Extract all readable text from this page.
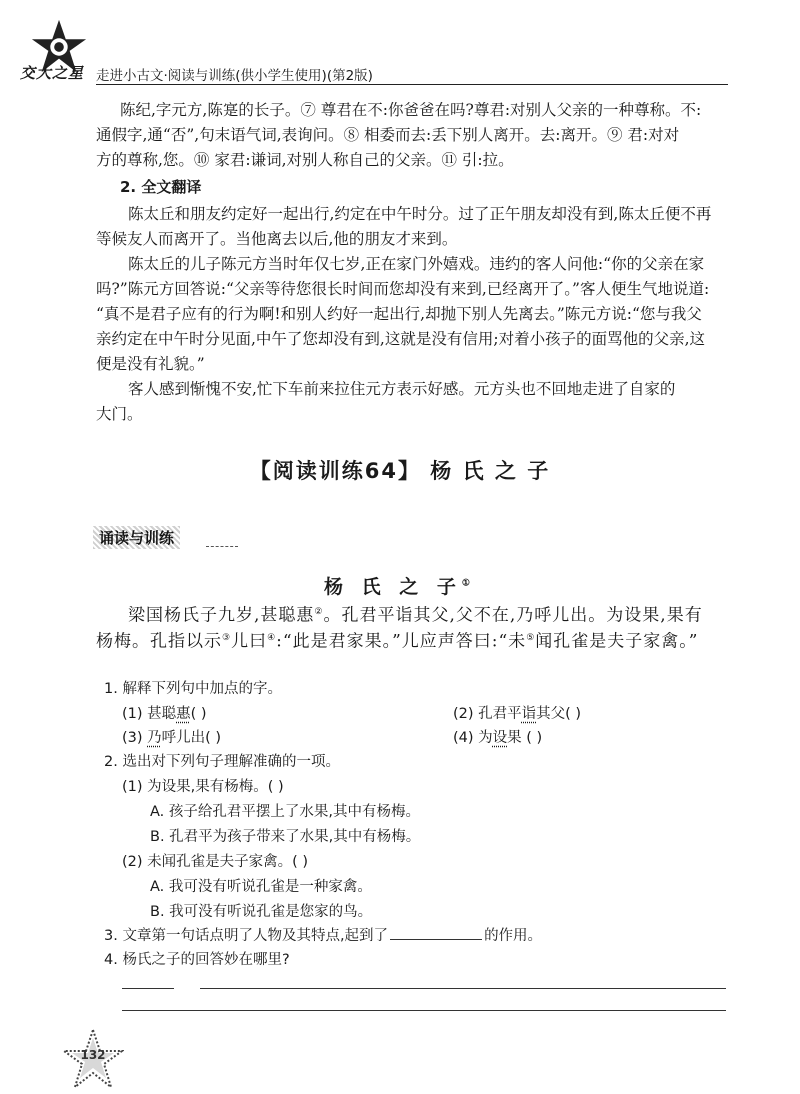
交大之星 走进小古文·阅读与训练(供小学生使用)(第2版)
陈纪,字元方,陈寔的长子。⑦ 尊君在不:你爸爸在吗?尊君:对别人父亲的一种尊称。不:
通假字,通“否”,句末语气词,表询问。⑧ 相委而去:丢下别人离开。去:离开。⑨ 君:对对
方的尊称,您。⑩ 家君:谦词,对别人称自己的父亲。⑪ 引:拉。
2. 全文翻译
陈太丘和朋友约定好一起出行,约定在中午时分。过了正午朋友却没有到,陈太丘便不再
等候友人而离开了。当他离去以后,他的朋友才来到。
陈太丘的儿子陈元方当时年仅七岁,正在家门外嬉戏。违约的客人问他:“你的父亲在家
吗?”陈元方回答说:“父亲等待您很长时间而您却没有来到,已经离开了。”客人便生气地说道:
“真不是君子应有的行为啊!和别人约好一起出行,却抛下别人先离去。”陈元方说:“您与我父
亲约定在中午时分见面,中午了您却没有到,这就是没有信用;对着小孩子的面骂他的父亲,这
便是没有礼貌。”
客人感到惭愧不安,忙下车前来拉住元方表示好感。元方头也不回地走进了自家的
大门。
【阅读训练64】 杨 氏 之 子
诵读与训练
杨 氏 之 子①
梁国杨氏子九岁,甚聪惠②。孔君平诣其父,父不在,乃呼儿出。为设果,果有
杨梅。孔指以示③儿曰④:“此是君家果。”儿应声答曰:“未⑤闻孔雀是夫子家禽。”
1. 解释下列句中加点的字。
(1) 甚聪惠( )	(2) 孔君平诣其父( )
(3) 乃呼儿出( )	(4) 为设果 ( )
2. 选出对下列句子理解准确的一项。
(1) 为设果,果有杨梅。( )
A. 孩子给孔君平摆上了水果,其中有杨梅。
B. 孔君平为孩子带来了水果,其中有杨梅。
(2) 未闻孔雀是夫子家禽。( )
A. 我可没有听说孔雀是一种家禽。
B. 我可没有听说孔雀是您家的鸟。
3. 文章第一句话点明了人物及其特点,起到了	的作用。
4. 杨氏之子的回答妙在哪里?
132
